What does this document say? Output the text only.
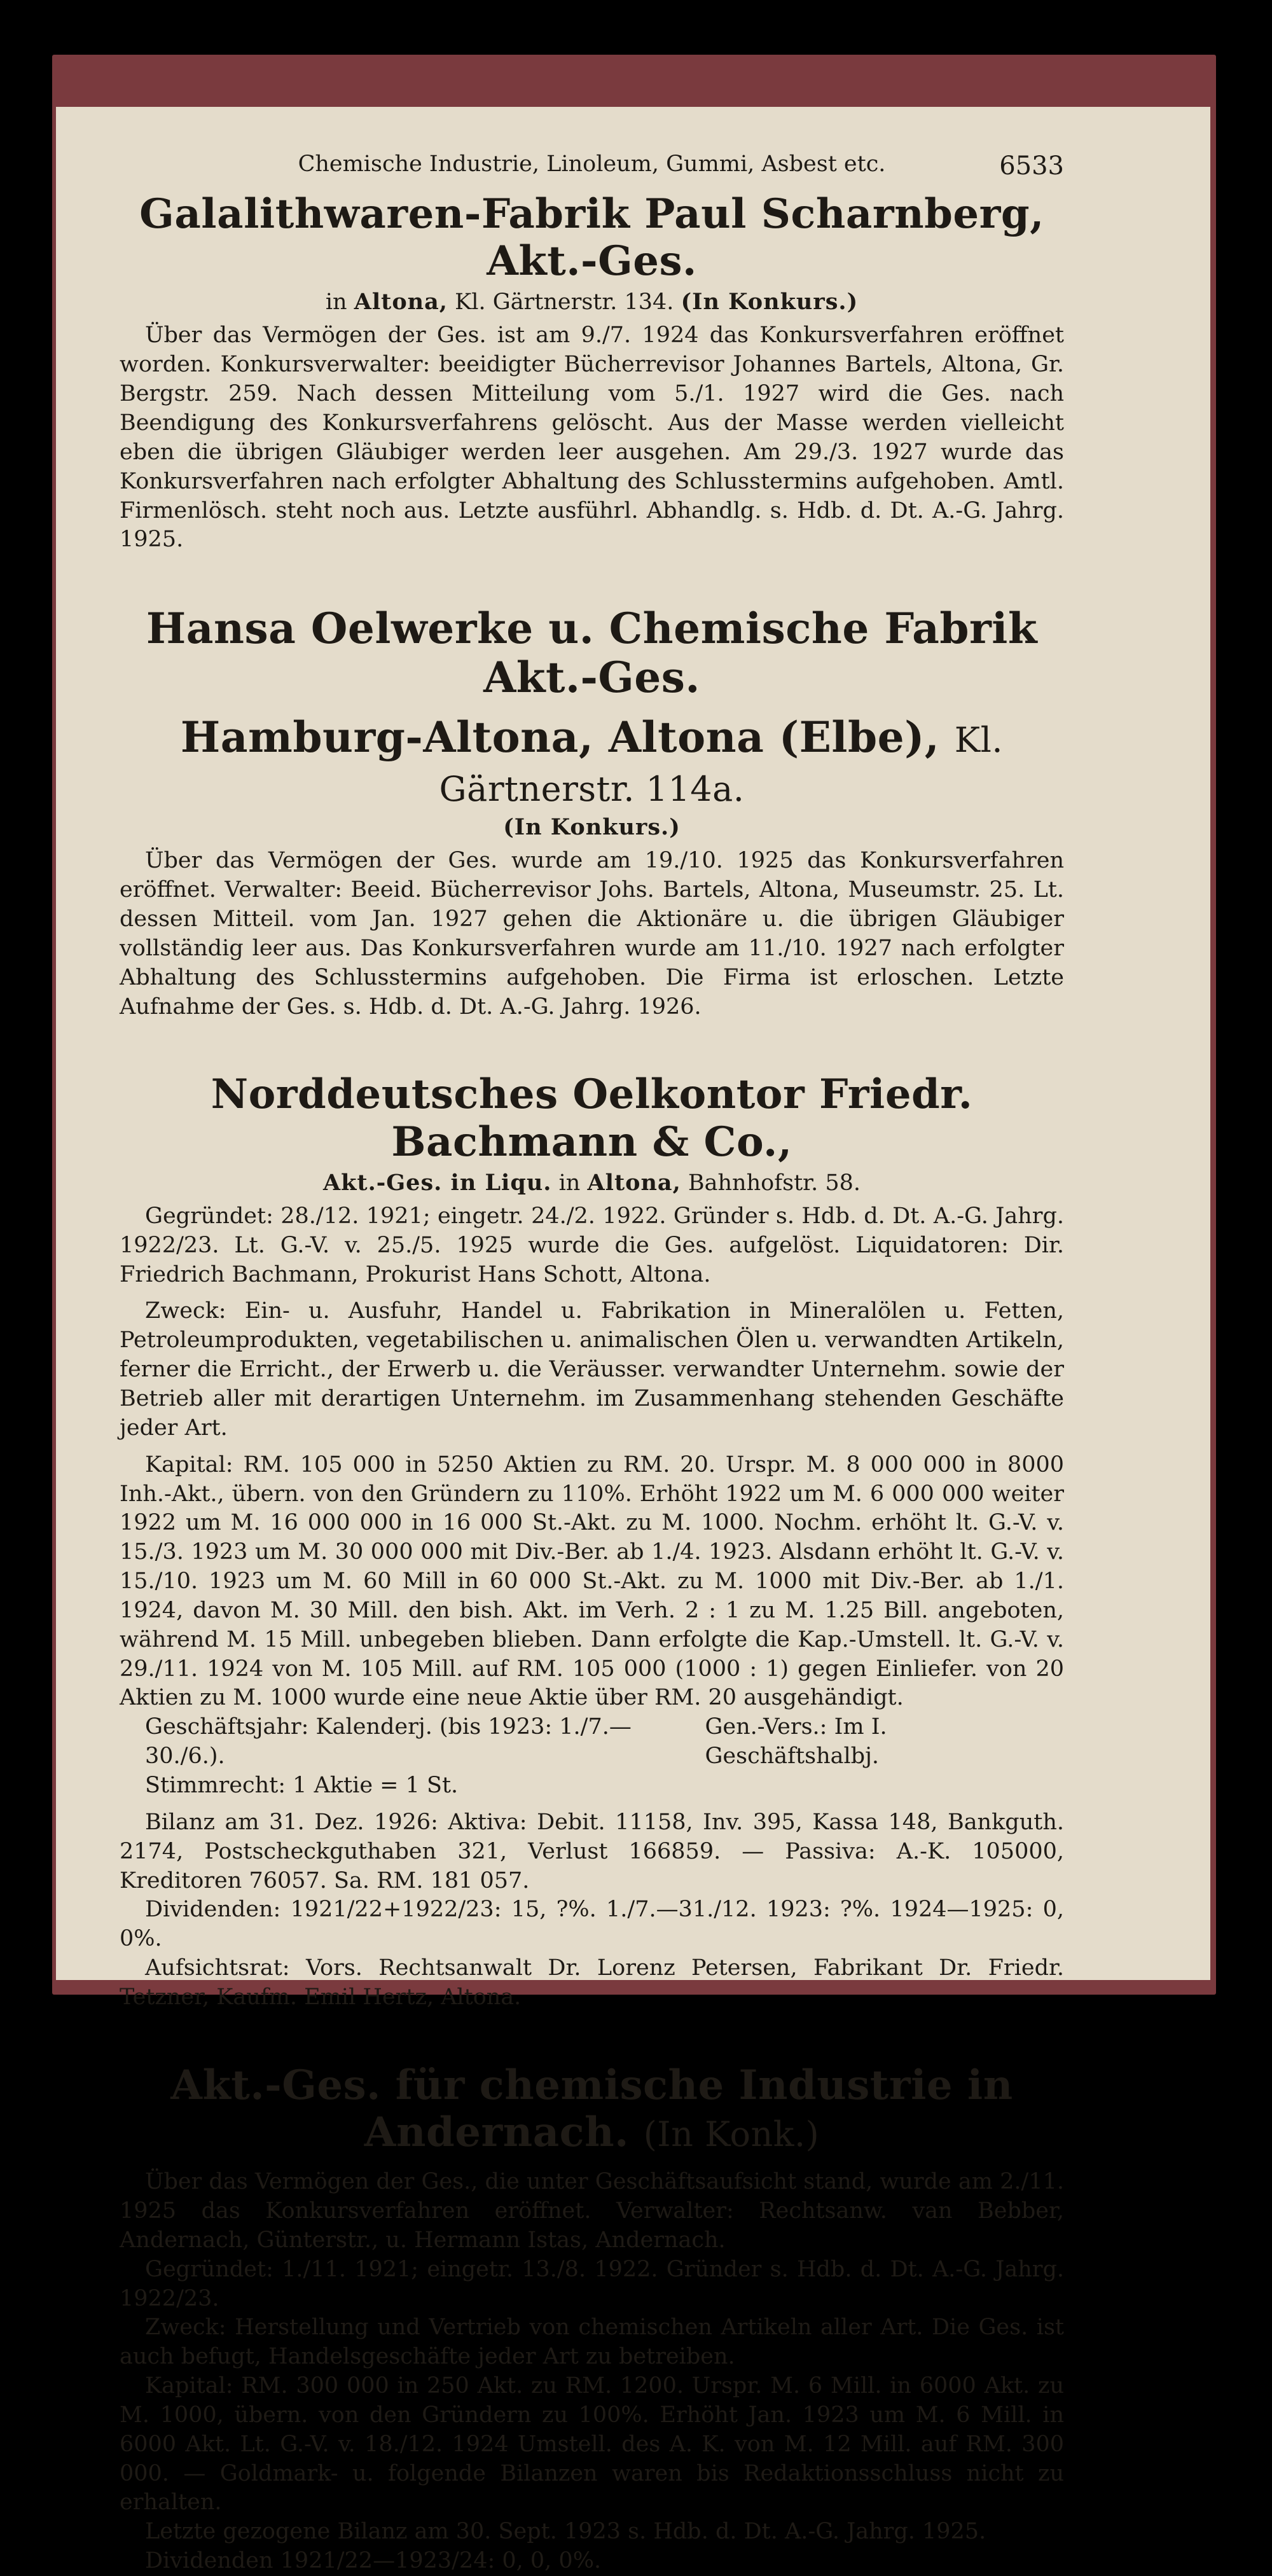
Chemische Industrie, Linoleum, Gummi, Asbest etc.	6533
Galalithwaren-Fabrik Paul Scharnberg, Akt.-Ges.
in Altona, Kl. Gärtnerstr. 134. (In Konkurs.)

Über das Vermögen der Ges. ist am 9./7. 1924 das Konkursverfahren eröffnet worden. Konkursverwalter: beeidigter Bücherrevisor Johannes Bartels, Altona, Gr. Bergstr. 259. Nach dessen Mitteilung vom 5./1. 1927 wird die Ges. nach Beendigung des Konkursverfahrens gelöscht. Aus der Masse werden vielleicht eben die übrigen Gläubiger werden leer ausgehen. Am 29./3. 1927 wurde das Konkursverfahren nach erfolgter Abhaltung des Schlusstermins aufgehoben. Amtl. Firmenlösch. steht noch aus. Letzte ausführl. Abhandlg. s. Hdb. d. Dt. A.-G. Jahrg. 1925.

Hansa Oelwerke u. Chemische Fabrik Akt.-Ges.
Hamburg-Altona, Altona (Elbe), Kl. Gärtnerstr. 114a.
(In Konkurs.)

Über das Vermögen der Ges. wurde am 19./10. 1925 das Konkursverfahren eröffnet. Verwalter: Beeid. Bücherrevisor Johs. Bartels, Altona, Museumstr. 25. Lt. dessen Mitteil. vom Jan. 1927 gehen die Aktionäre u. die übrigen Gläubiger vollständig leer aus. Das Konkursverfahren wurde am 11./10. 1927 nach erfolgter Abhaltung des Schlusstermins aufgehoben. Die Firma ist erloschen. Letzte Aufnahme der Ges. s. Hdb. d. Dt. A.-G. Jahrg. 1926.

Norddeutsches Oelkontor Friedr. Bachmann & Co.,
Akt.-Ges. in Liqu. in Altona, Bahnhofstr. 58.

Gegründet: 28./12. 1921; eingetr. 24./2. 1922. Gründer s. Hdb. d. Dt. A.-G. Jahrg. 1922/23. Lt. G.-V. v. 25./5. 1925 wurde die Ges. aufgelöst. Liquidatoren: Dir. Friedrich Bachmann, Prokurist Hans Schott, Altona.

Zweck: Ein- u. Ausfuhr, Handel u. Fabrikation in Mineralölen u. Fetten, Petroleumprodukten, vegetabilischen u. animalischen Ölen u. verwandten Artikeln, ferner die Erricht., der Erwerb u. die Veräusser. verwandter Unternehm. sowie der Betrieb aller mit derartigen Unternehm. im Zusammenhang stehenden Geschäfte jeder Art.

Kapital: RM. 105 000 in 5250 Aktien zu RM. 20. Urspr. M. 8 000 000 in 8000 Inh.-Akt., übern. von den Gründern zu 110%. Erhöht 1922 um M. 6 000 000 weiter 1922 um M. 16 000 000 in 16 000 St.-Akt. zu M. 1000. Nochm. erhöht lt. G.-V. v. 15./3. 1923 um M. 30 000 000 mit Div.-Ber. ab 1./4. 1923. Alsdann erhöht lt. G.-V. v. 15./10. 1923 um M. 60 Mill in 60 000 St.-Akt. zu M. 1000 mit Div.-Ber. ab 1./1. 1924, davon M. 30 Mill. den bish. Akt. im Verh. 2 : 1 zu M. 1.25 Bill. angeboten, während M. 15 Mill. unbegeben blieben. Dann erfolgte die Kap.-Umstell. lt. G.-V. v. 29./11. 1924 von M. 105 Mill. auf RM. 105 000 (1000 : 1) gegen Einliefer. von 20 Aktien zu M. 1000 wurde eine neue Aktie über RM. 20 ausgehändigt.

Geschäftsjahr: Kalenderj. (bis 1923: 1./7.—30./6.).
Gen.-Vers.: Im I. Geschäftshalbj.

Stimmrecht: 1 Aktie = 1 St.

Bilanz am 31. Dez. 1926: Aktiva: Debit. 11158, Inv. 395, Kassa 148, Bankguth. 2174, Postscheckguthaben 321, Verlust 166859. — Passiva: A.-K. 105000, Kreditoren 76057. Sa. RM. 181 057.

Dividenden: 1921/22+1922/23: 15, ?%. 1./7.—31./12. 1923: ?%. 1924—1925: 0, 0%.

Aufsichtsrat: Vors. Rechtsanwalt Dr. Lorenz Petersen, Fabrikant Dr. Friedr. Tetzner, Kaufm. Emil Hertz, Altona.

Akt.-Ges. für chemische Industrie in Andernach. (In Konk.)

Über das Vermögen der Ges., die unter Geschäftsaufsicht stand, wurde am 2./11. 1925 das Konkursverfahren eröffnet. Verwalter: Rechtsanw. van Bebber, Andernach, Günterstr., u. Hermann Istas, Andernach.

Gegründet: 1./11. 1921; eingetr. 13./8. 1922. Gründer s. Hdb. d. Dt. A.-G. Jahrg. 1922/23.

Zweck: Herstellung und Vertrieb von chemischen Artikeln aller Art. Die Ges. ist auch befugt, Handelsgeschäfte jeder Art zu betreiben.

Kapital: RM. 300 000 in 250 Akt. zu RM. 1200. Urspr. M. 6 Mill. in 6000 Akt. zu M. 1000, übern. von den Gründern zu 100%. Erhöht Jan. 1923 um M. 6 Mill. in 6000 Akt. Lt. G.-V. v. 18./12. 1924 Umstell. des A. K. von M. 12 Mill. auf RM. 300 000. — Goldmark- u. folgende Bilanzen waren bis Redaktionsschluss nicht zu erhalten.

Letzte gezogene Bilanz am 30. Sept. 1923 s. Hdb. d. Dt. A.-G. Jahrg. 1925.

Dividenden 1921/22—1923/24: 0, 0, 0%.
